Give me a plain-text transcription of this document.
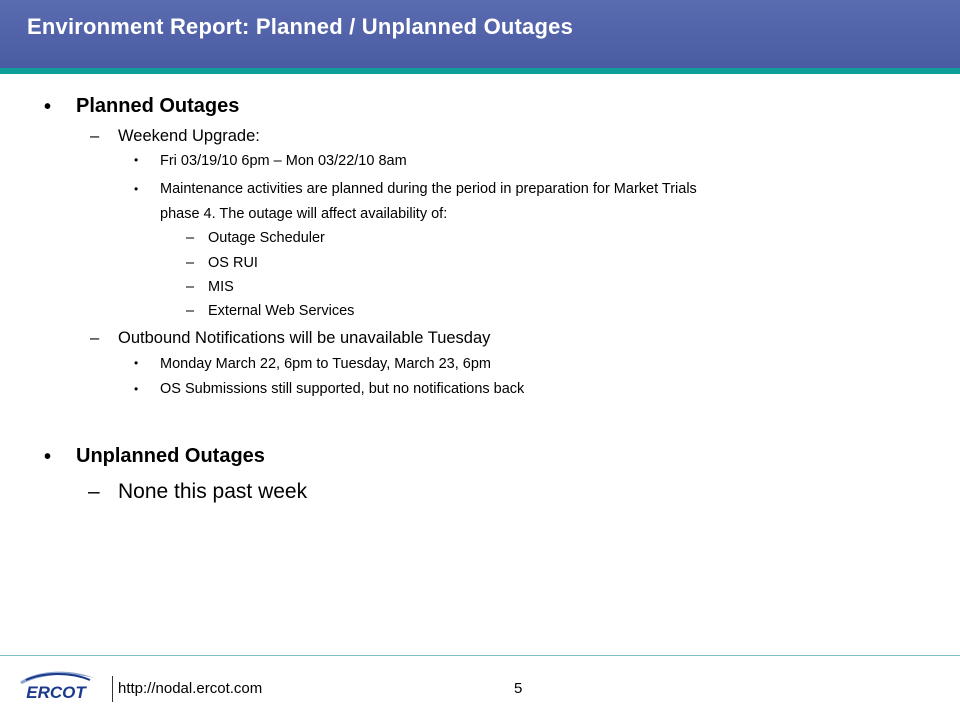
Environment Report: Planned / Unplanned Outages
• Planned Outages
– Weekend Upgrade:
• Fri 03/19/10 6pm – Mon 03/22/10 8am
• Maintenance activities are planned during the period in preparation for Market Trials
phase 4. The outage will affect availability of:
– Outage Scheduler
– OS RUI
– MIS
– External Web Services
– Outbound Notifications will be unavailable Tuesday
• Monday March 22, 6pm to Tuesday, March 23, 6pm
• OS Submissions still supported, but no notifications back
• Unplanned Outages
– None this past week
ERCOT http://nodal.ercot.com	5
